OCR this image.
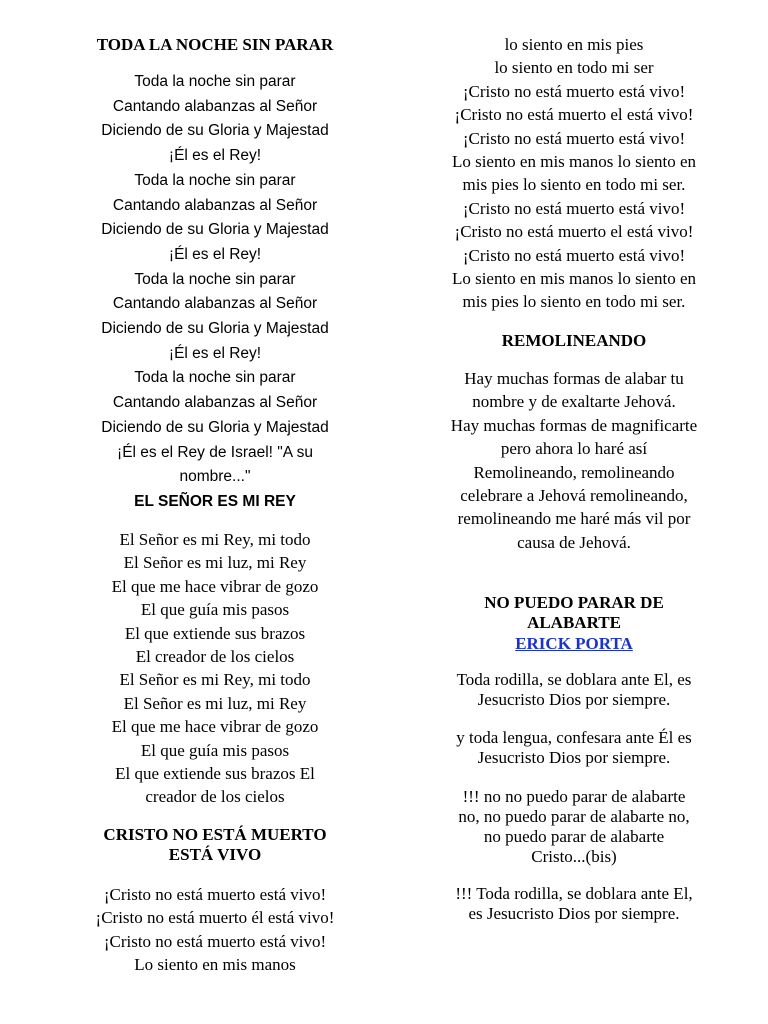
TODA LA NOCHE SIN PARAR
Toda la noche sin parar
Cantando alabanzas al Señor
Diciendo de su Gloria y Majestad
¡Él es el Rey!
Toda la noche sin parar
Cantando alabanzas al Señor
Diciendo de su Gloria y Majestad
¡Él es el Rey!
Toda la noche sin parar
Cantando alabanzas al Señor
Diciendo de su Gloria y Majestad
¡Él es el Rey!
Toda la noche sin parar
Cantando alabanzas al Señor
Diciendo de su Gloria y Majestad
¡Él es el Rey de Israel! "A su
nombre..."
EL SEÑOR ES MI REY
El Señor es mi Rey, mi todo
El Señor es mi luz, mi Rey
El que me hace vibrar de gozo
El que guía mis pasos
El que extiende sus brazos
El creador de los cielos
El Señor es mi Rey, mi todo
El Señor es mi luz, mi Rey
El que me hace vibrar de gozo
El que guía mis pasos
El que extiende sus brazos El
creador de los cielos
CRISTO NO ESTÁ MUERTO
ESTÁ VIVO
¡Cristo no está muerto está vivo!
¡Cristo no está muerto él está vivo!
¡Cristo no está muerto está vivo!
Lo siento en mis manos
lo siento en mis pies
lo siento en todo mi ser
¡Cristo no está muerto está vivo!
¡Cristo no está muerto el está vivo!
¡Cristo no está muerto está vivo!
Lo siento en mis manos lo siento en
mis pies lo siento en todo mi ser.
¡Cristo no está muerto está vivo!
¡Cristo no está muerto el está vivo!
¡Cristo no está muerto está vivo!
Lo siento en mis manos lo siento en
mis pies lo siento en todo mi ser.
REMOLINEANDO
Hay muchas formas de alabar tu
nombre y de exaltarte Jehová.
Hay muchas formas de magnificarte
pero ahora lo haré así
Remolineando, remolineando
celebrare a Jehová remolineando,
remolineando me haré más vil por
causa de Jehová.
NO PUEDO PARAR DE
ALABARTE
ERICK PORTA
Toda rodilla, se doblara ante El, es
Jesucristo Dios por siempre.
y toda lengua, confesara ante Él es
Jesucristo Dios por siempre.
!!! no no puedo parar de alabarte
no, no puedo parar de alabarte no,
no puedo parar de alabarte
Cristo...(bis)
!!! Toda rodilla, se doblara ante El,
es Jesucristo Dios por siempre.
